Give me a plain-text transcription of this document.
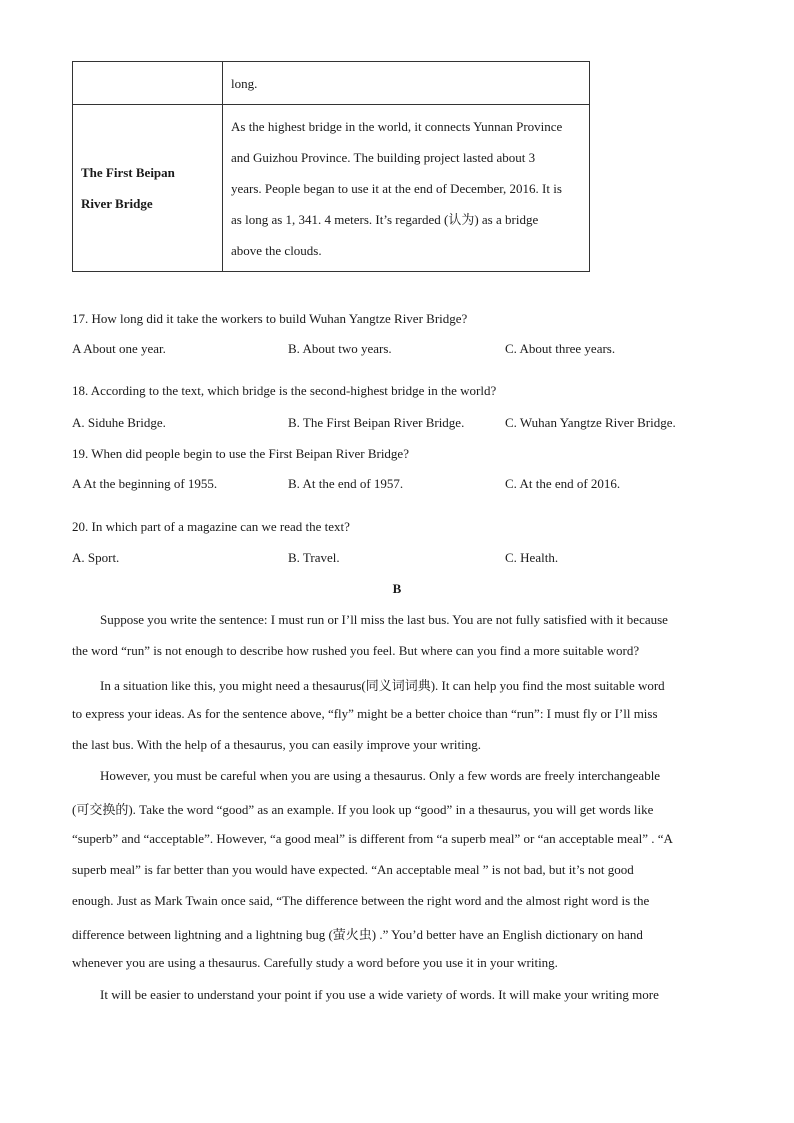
	long.

The First Beipan
River Bridge	As the highest bridge in the world, it connects Yunnan Province
and Guizhou Province. The building project lasted about 3
years. People began to use it at the end of December, 2016. It is
as long as 1, 341. 4 meters. It’s regarded (认为) as a bridge
above the clouds.
17. How long did it take the workers to build Wuhan Yangtze River Bridge?
A About one year.	B. About two years.	C. About three years.
18. According to the text, which bridge is the second-highest bridge in the world?
A. Siduhe Bridge.	B. The First Beipan River Bridge.	C. Wuhan Yangtze River Bridge.
19. When did people begin to use the First Beipan River Bridge?
A At the beginning of 1955.	B. At the end of 1957.	C. At the end of 2016.
20. In which part of a magazine can we read the text?
A. Sport.	B. Travel.	C. Health.
B
Suppose you write the sentence: I must run or I’ll miss the last bus. You are not fully satisfied with it because
the word “run” is not enough to describe how rushed you feel. But where can you find a more suitable word?
In a situation like this, you might need a thesaurus(同义词词典). It can help you find the most suitable word
to express your ideas. As for the sentence above, “fly” might be a better choice than “run”: I must fly or I’ll miss
the last bus. With the help of a thesaurus, you can easily improve your writing.
However, you must be careful when you are using a thesaurus. Only a few words are freely interchangeable
(可交换的). Take the word “good” as an example. If you look up “good” in a thesaurus, you will get words like
“superb” and “acceptable”. However, “a good meal” is different from “a superb meal” or “an acceptable meal” . “A
superb meal” is far better than you would have expected. “An acceptable meal ” is not bad, but it’s not good
enough. Just as Mark Twain once said, “The difference between the right word and the almost right word is the
difference between lightning and a lightning bug (萤火虫) .” You’d better have an English dictionary on hand
whenever you are using a thesaurus. Carefully study a word before you use it in your writing.
It will be easier to understand your point if you use a wide variety of words. It will make your writing more
